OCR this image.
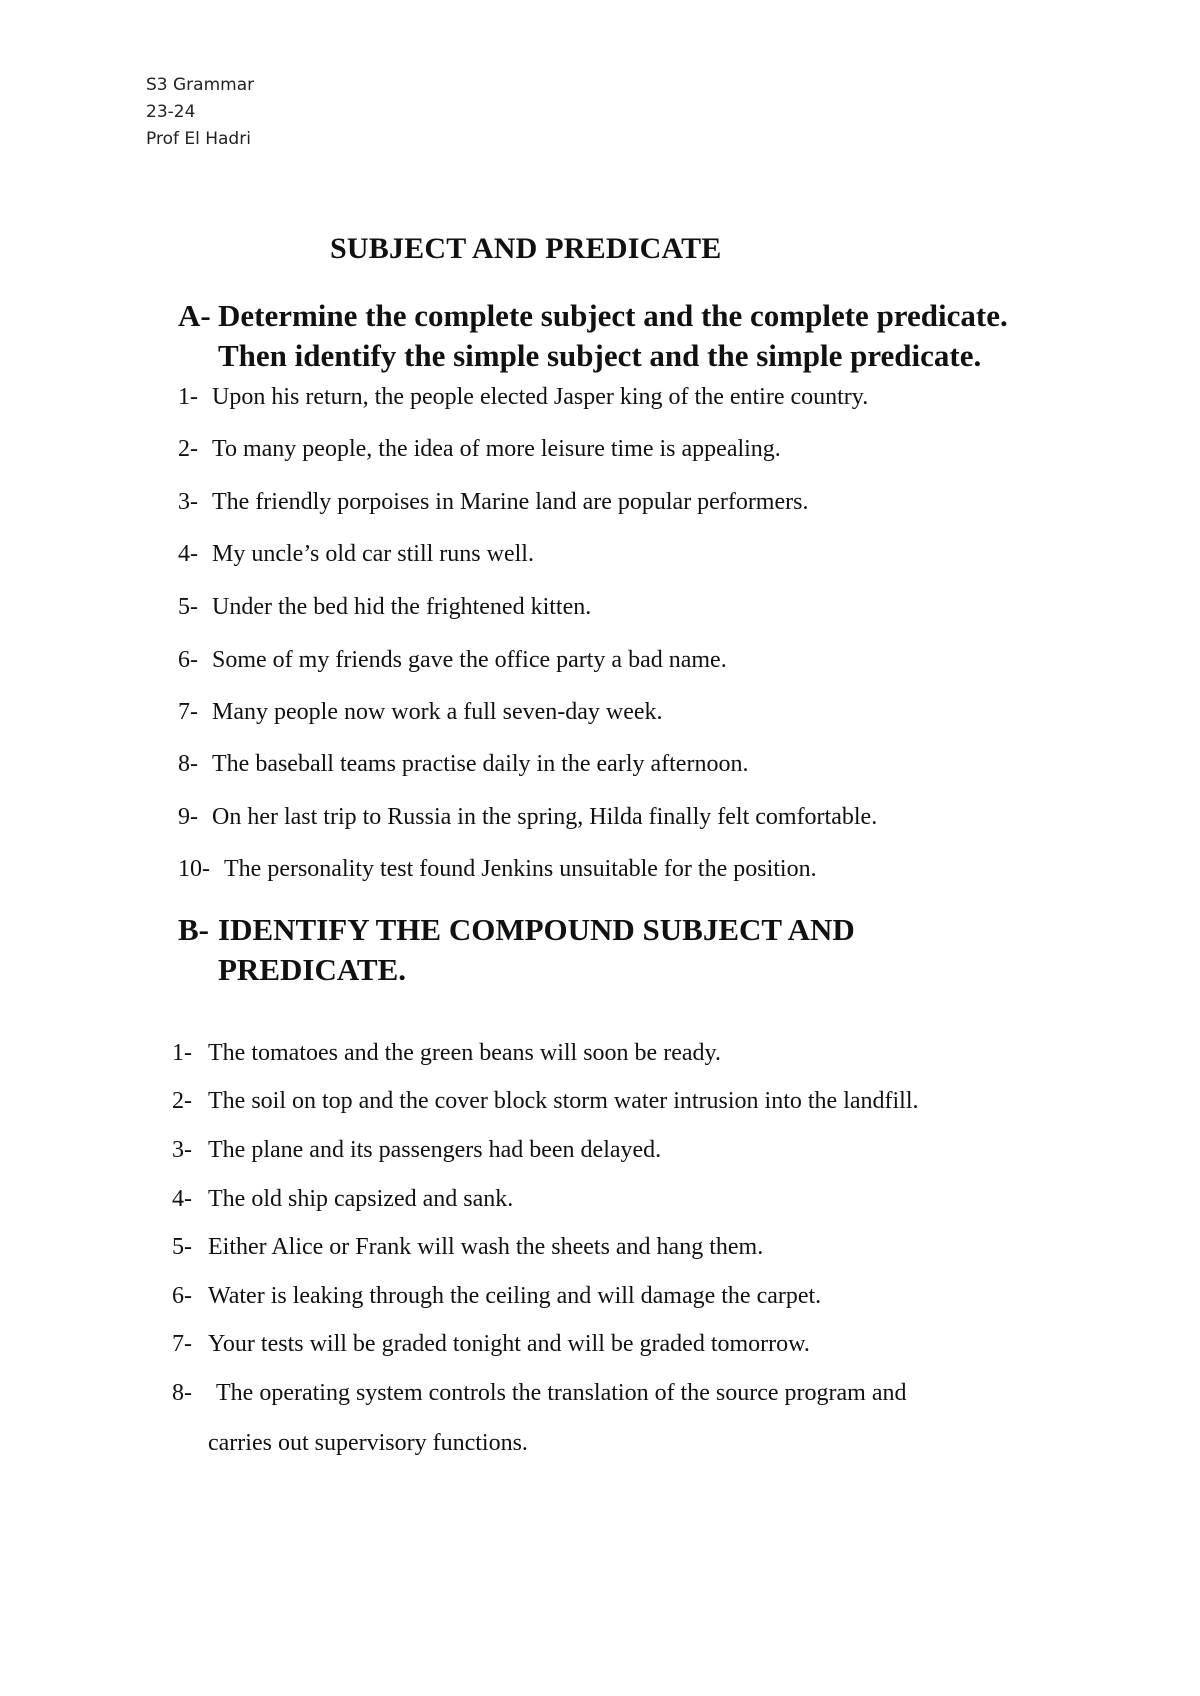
S3 Grammar
23-24
Prof El Hadri
SUBJECT AND PREDICATE
A- Determine the complete subject and the complete predicate.
Then identify the simple subject and the simple predicate.
1- Upon his return, the people elected Jasper king of the entire country.
2- To many people, the idea of more leisure time is appealing.
3- The friendly porpoises in Marine land are popular performers.
4- My uncle’s old car still runs well.
5- Under the bed hid the frightened kitten.
6- Some of my friends gave the office party a bad name.
7- Many people now work a full seven-day week.
8- The baseball teams practise daily in the early afternoon.
9- On her last trip to Russia in the spring, Hilda finally felt comfortable.
10- The personality test found Jenkins unsuitable for the position.
B- IDENTIFY THE COMPOUND SUBJECT AND
PREDICATE.
1- The tomatoes and the green beans will soon be ready.
2- The soil on top and the cover block storm water intrusion into the landfill.
3- The plane and its passengers had been delayed.
4- The old ship capsized and sank.
5- Either Alice or Frank will wash the sheets and hang them.
6- Water is leaking through the ceiling and will damage the carpet.
7- Your tests will be graded tonight and will be graded tomorrow.
8- The operating system controls the translation of the source program and
carries out supervisory functions.
